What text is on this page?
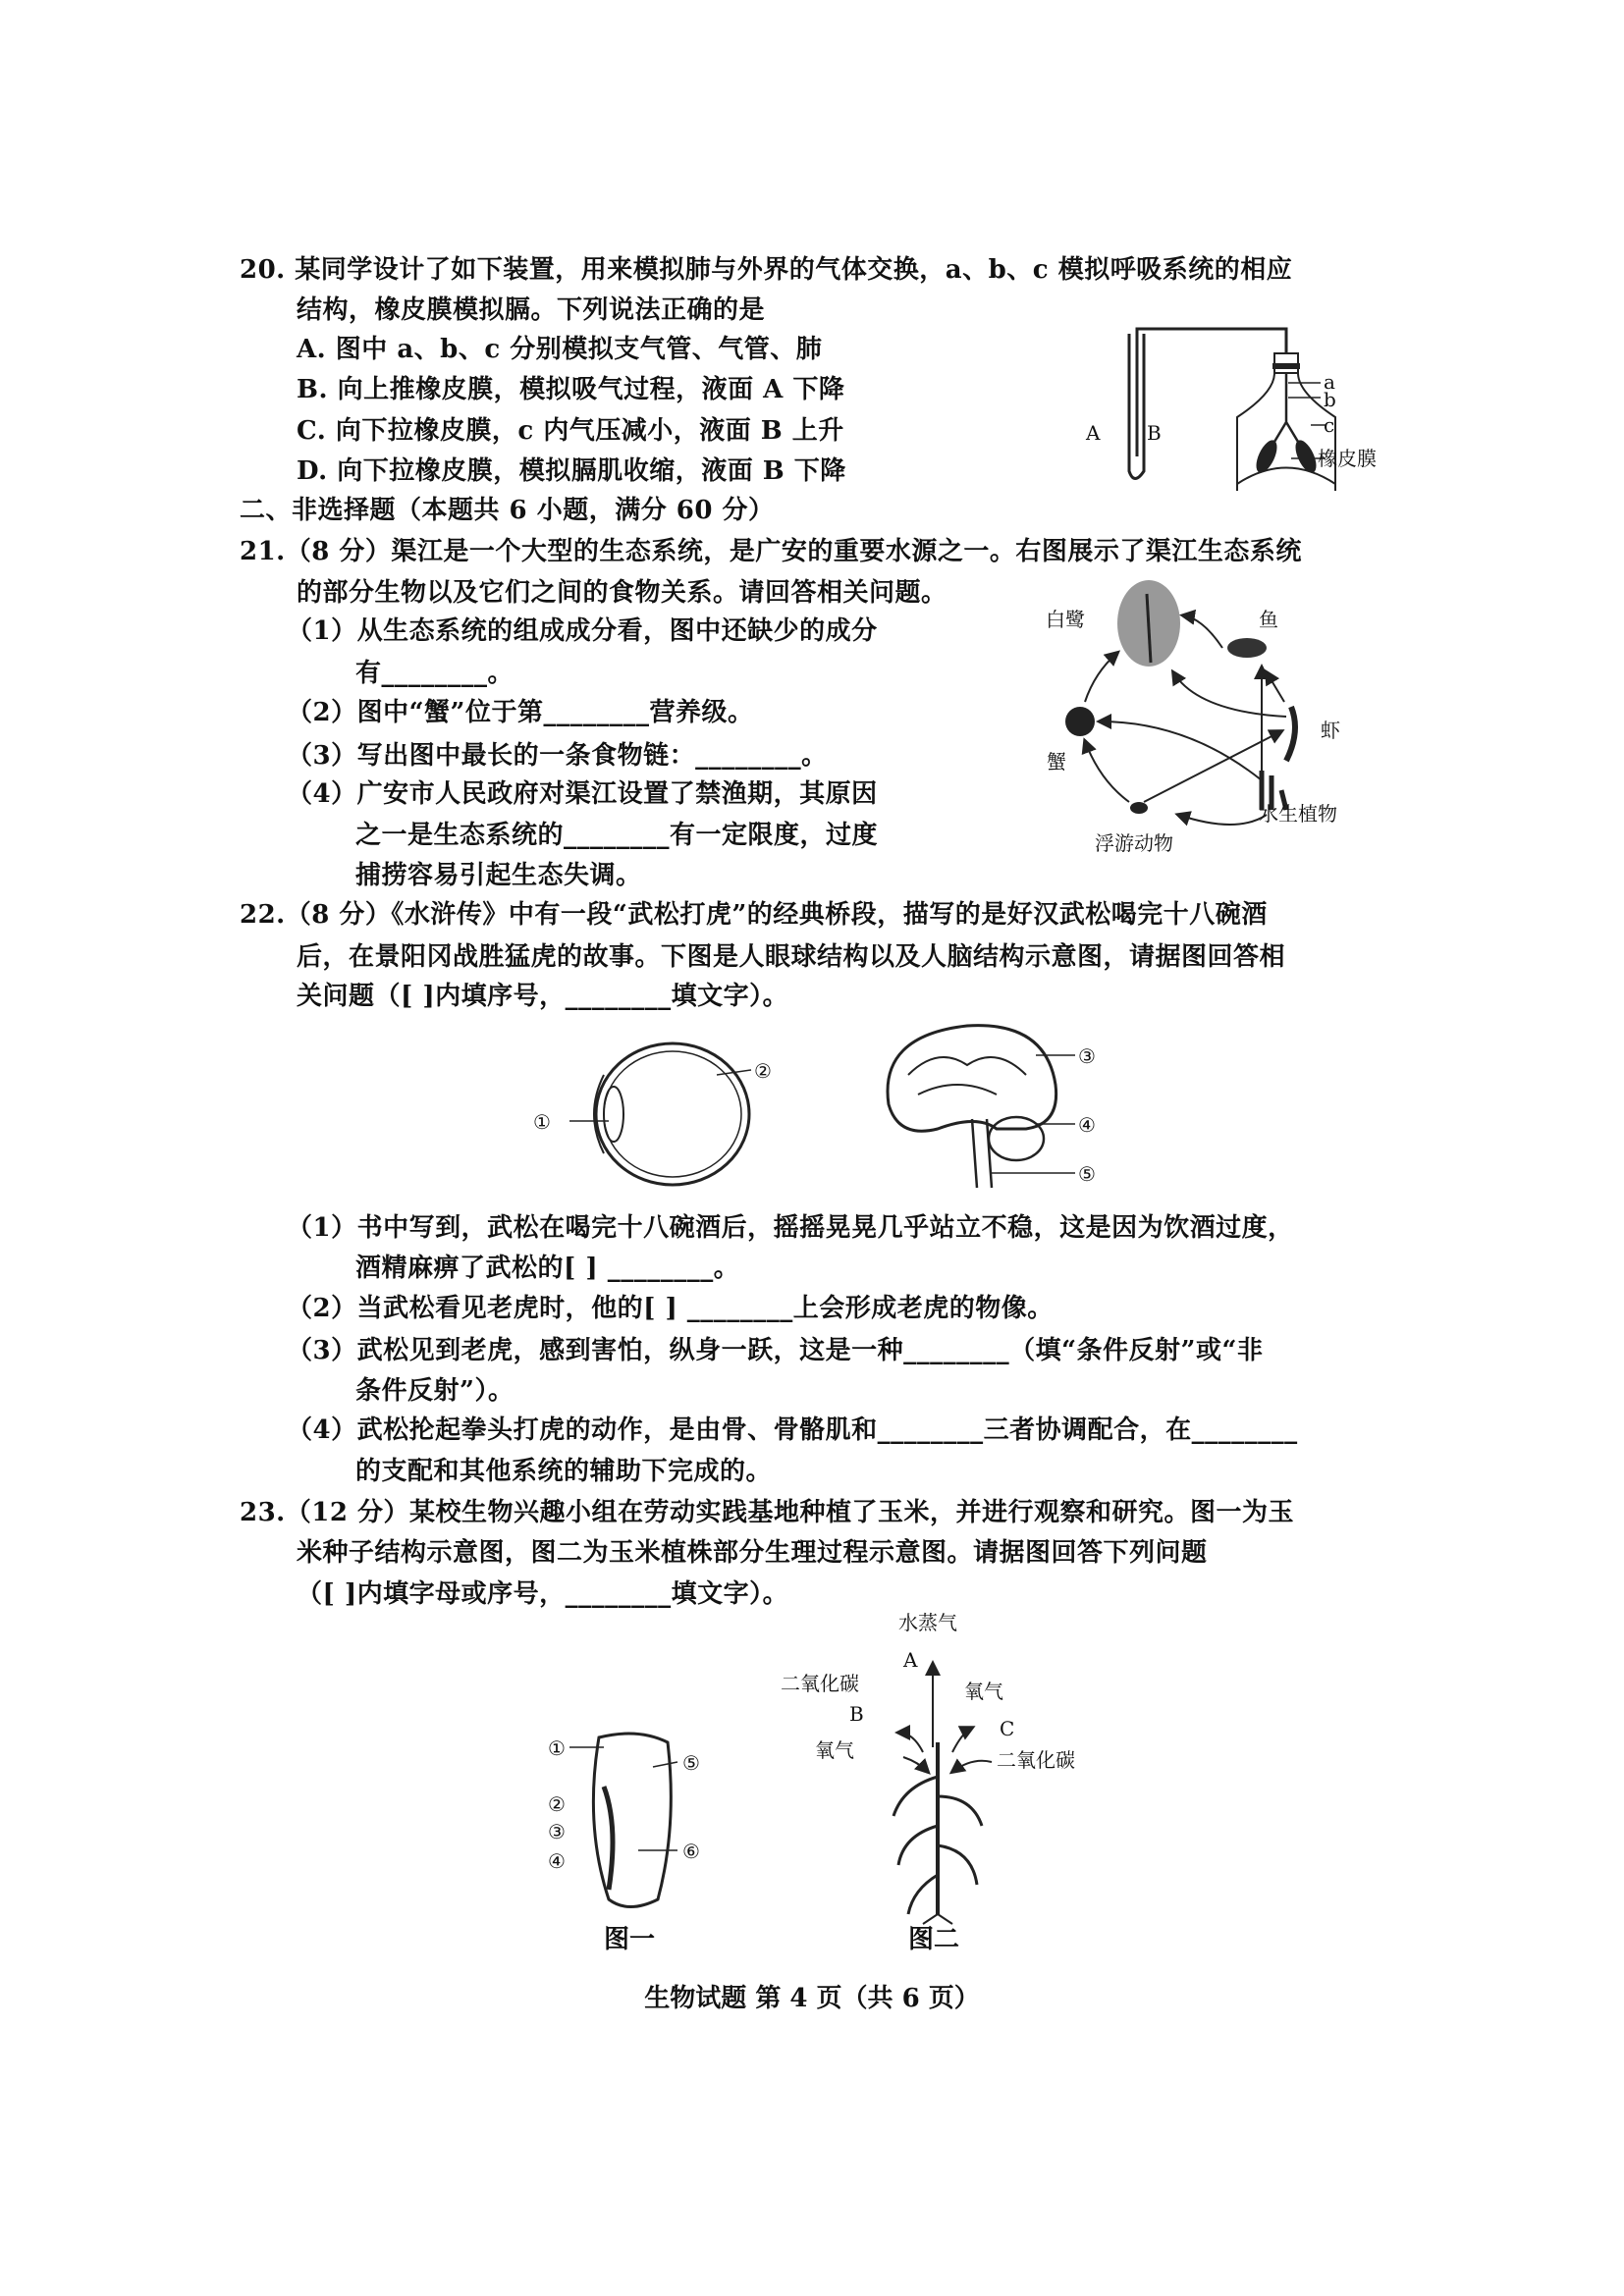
20. 某同学设计了如下装置，用来模拟肺与外界的气体交换，a、b、c 模拟呼吸系统的相应
结构，橡皮膜模拟膈。下列说法正确的是
A. 图中 a、b、c 分别模拟支气管、气管、肺
B. 向上推橡皮膜，模拟吸气过程，液面 A 下降
C. 向下拉橡皮膜，c 内气压减小，液面 B 上升
D. 向下拉橡皮膜，模拟膈肌收缩，液面 B 下降
a
b
c
橡皮膜
A B
二、非选择题（本题共 6 小题，满分 60 分）
21.（8 分）渠江是一个大型的生态系统，是广安的重要水源之一。右图展示了渠江生态系统
的部分生物以及它们之间的食物关系。请回答相关问题。
（1）从生态系统的组成成分看，图中还缺少的成分
有________。
（2）图中“蟹”位于第________营养级。
（3）写出图中最长的一条食物链：________。
（4）广安市人民政府对渠江设置了禁渔期，其原因
之一是生态系统的________有一定限度，过度
捕捞容易引起生态失调。
白鹭	鱼
虾
蟹
水生植物
浮游动物
22.（8 分）《水浒传》中有一段“武松打虎”的经典桥段，描写的是好汉武松喝完十八碗酒
后，在景阳冈战胜猛虎的故事。下图是人眼球结构以及人脑结构示意图，请据图回答相
关问题（[ ]内填序号，________填文字）。
①
②
③
④
⑤
（1）书中写到，武松在喝完十八碗酒后，摇摇晃晃几乎站立不稳，这是因为饮酒过度，
酒精麻痹了武松的[ ] ________。
（2）当武松看见老虎时，他的[ ] ________上会形成老虎的物像。
（3）武松见到老虎，感到害怕，纵身一跃，这是一种________（填“条件反射”或“非
条件反射”）。
（4）武松抡起拳头打虎的动作，是由骨、骨骼肌和________三者协调配合，在________
的支配和其他系统的辅助下完成的。
23.（12 分）某校生物兴趣小组在劳动实践基地种植了玉米，并进行观察和研究。图一为玉
米种子结构示意图，图二为玉米植株部分生理过程示意图。请据图回答下列问题
（[ ]内填字母或序号，________填文字）。
①
②
③
④
⑤
⑥
图一
水蒸气
A
二氧化碳
B
氧气
氧气
C
二氧化碳
图二
生物试题 第 4 页（共 6 页）
